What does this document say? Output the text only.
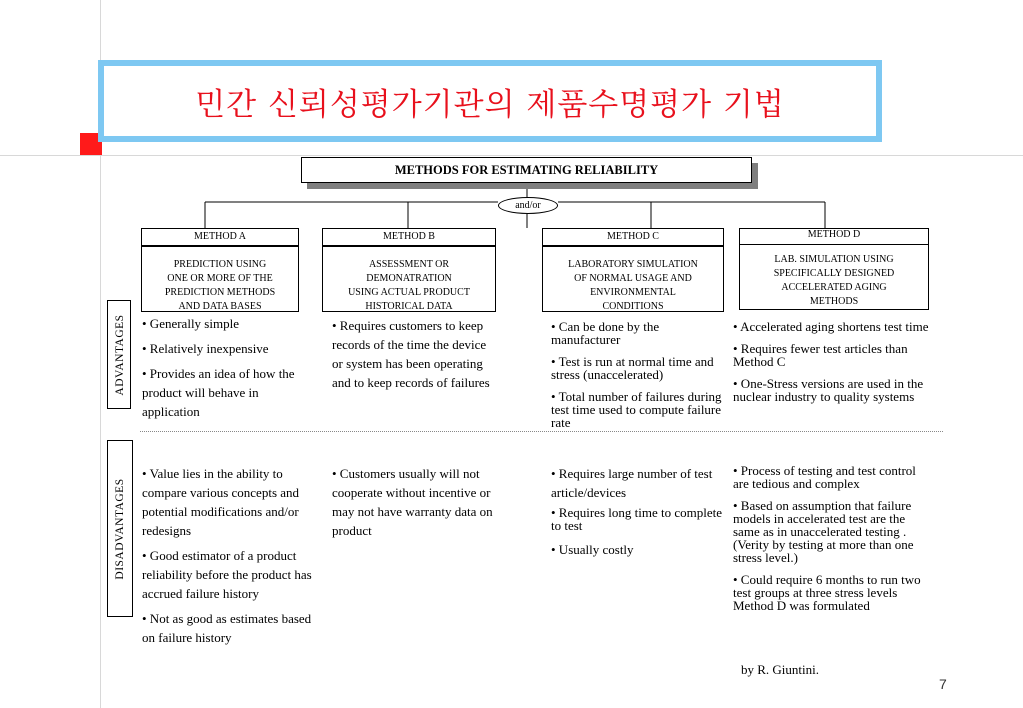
민간 신뢰성평가기관의 제품수명평가 기법
METHODS FOR ESTIMATING RELIABILITY
and/or
METHOD A
PREDICTION USING
ONE OR MORE OF THE
PREDICTION METHODS
AND DATA BASES
METHOD B
ASSESSMENT OR
DEMONATRATION
USING ACTUAL PRODUCT
HISTORICAL DATA
METHOD C
LABORATORY SIMULATION
OF NORMAL USAGE AND
ENVIRONMENTAL
CONDITIONS
METHOD D
LAB. SIMULATION USING
SPECIFICALLY DESIGNED
ACCELERATED AGING
METHODS
ADVANTAGES
DISADVANTAGES

• Generally simple

• Relatively inexpensive

• Provides an idea of how the product will behave in application

• Requires customers to keep records of the time the device or system has been operating and to keep records of failures

• Can be done by the manufacturer

• Test is run at normal time and stress (unaccelerated)

• Total number of failures during test time used to compute failure rate

• Accelerated aging shortens test time

• Requires fewer test articles than Method C

• One-Stress versions are used in the nuclear industry to quality systems

• Value lies in the ability to compare various concepts and potential modifications and/or redesigns

• Good estimator of a product reliability before the product has accrued failure history

• Not as good as estimates based on failure history

• Customers usually will not cooperate without incentive or may not have warranty data on product

• Requires large number of test article/devices

• Requires long time to complete to test

• Usually costly

• Process of testing and test control are tedious and complex

• Based on assumption that failure models in accelerated test are the same as in unaccelerated testing .(Verity by testing at more than one stress level.)

• Could require 6 months to run two test groups at three stress levels Method D was formulated

by R. Giuntini.
7
